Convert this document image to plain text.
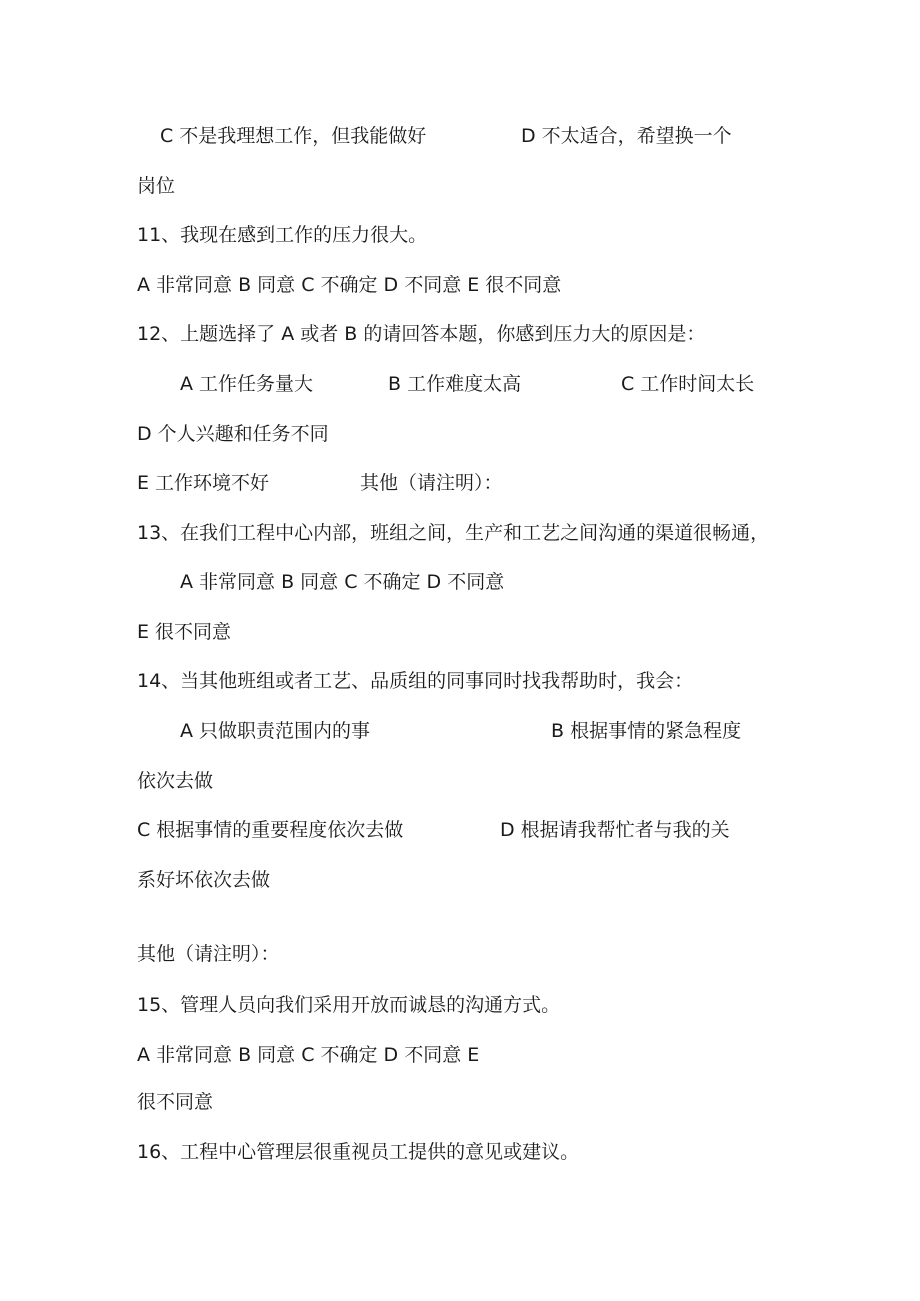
C 不是我理想工作，但我能做好	D 不太适合，希望换一个
岗位
11、我现在感到工作的压力很大。
A 非常同意 B 同意 C 不确定 D 不同意 E 很不同意
12、上题选择了 A 或者 B 的请回答本题，你感到压力大的原因是：
A 工作任务量大	B 工作难度太高	C 工作时间太长
D 个人兴趣和任务不同
E 工作环境不好	其他（请注明）：
13、在我们工程中心内部，班组之间，生产和工艺之间沟通的渠道很畅通，
A 非常同意 B 同意 C 不确定 D 不同意
E 很不同意
14、当其他班组或者工艺、品质组的同事同时找我帮助时，我会：
A 只做职责范围内的事	B 根据事情的紧急程度
依次去做
C 根据事情的重要程度依次去做	D 根据请我帮忙者与我的关
系好坏依次去做
其他（请注明）：
15、管理人员向我们采用开放而诚恳的沟通方式。
A 非常同意 B 同意 C 不确定 D 不同意 E
很不同意
16、工程中心管理层很重视员工提供的意见或建议。
